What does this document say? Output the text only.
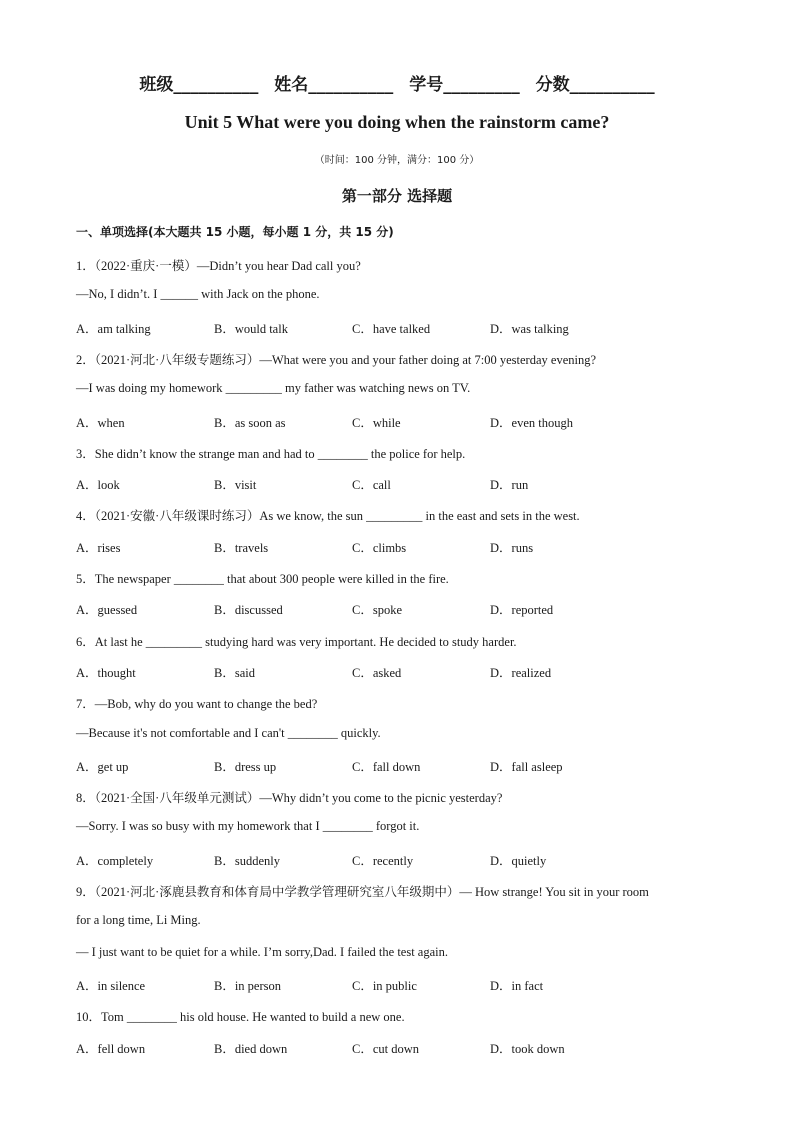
班级__________ 姓名__________ 学号_________ 分数__________
Unit 5 What were you doing when the rainstorm came?
（时间：100 分钟，满分：100 分）
第一部分 选择题
一、单项选择(本大题共 15 小题，每小题 1 分，共 15 分)
1．（2022·重庆·一模）—Didn’t you hear Dad call you?
—No, I didn’t. I ______ with Jack on the phone.
A．am talking	B．would talk	C．have talked	D．was talking
2．（2021·河北·八年级专题练习）—What were you and your father doing at 7:00 yesterday evening?
—I was doing my homework _________ my father was watching news on TV.
A．when	B．as soon as	C．while	D．even though
3．She didn’t know the strange man and had to ________ the police for help.
A．look	B．visit	C．call	D．run
4．（2021·安徽·八年级课时练习）As we know, the sun _________ in the east and sets in the west.
A．rises	B．travels	C．climbs	D．runs
5．The newspaper ________ that about 300 people were killed in the fire.
A．guessed	B．discussed	C．spoke	D．reported
6．At last he _________ studying hard was very important. He decided to study harder.
A．thought	B．said	C．asked	D．realized
7．—Bob, why do you want to change the bed?
—Because it's not comfortable and I can't ________ quickly.
A．get up	B．dress up	C．fall down	D．fall asleep
8．（2021·全国·八年级单元测试）—Why didn’t you come to the picnic yesterday?
—Sorry. I was so busy with my homework that I ________ forgot it.
A．completely	B．suddenly	C．recently	D．quietly
9．（2021·河北·涿鹿县教育和体育局中学教学管理研究室八年级期中）— How strange! You sit in your room
for a long time, Li Ming.
— I just want to be quiet for a while. I’m sorry,Dad. I failed the test again.
A．in silence	B．in person	C．in public	D．in fact
10．Tom ________ his old house. He wanted to build a new one.
A．fell down	B．died down	C．cut down	D．took down
